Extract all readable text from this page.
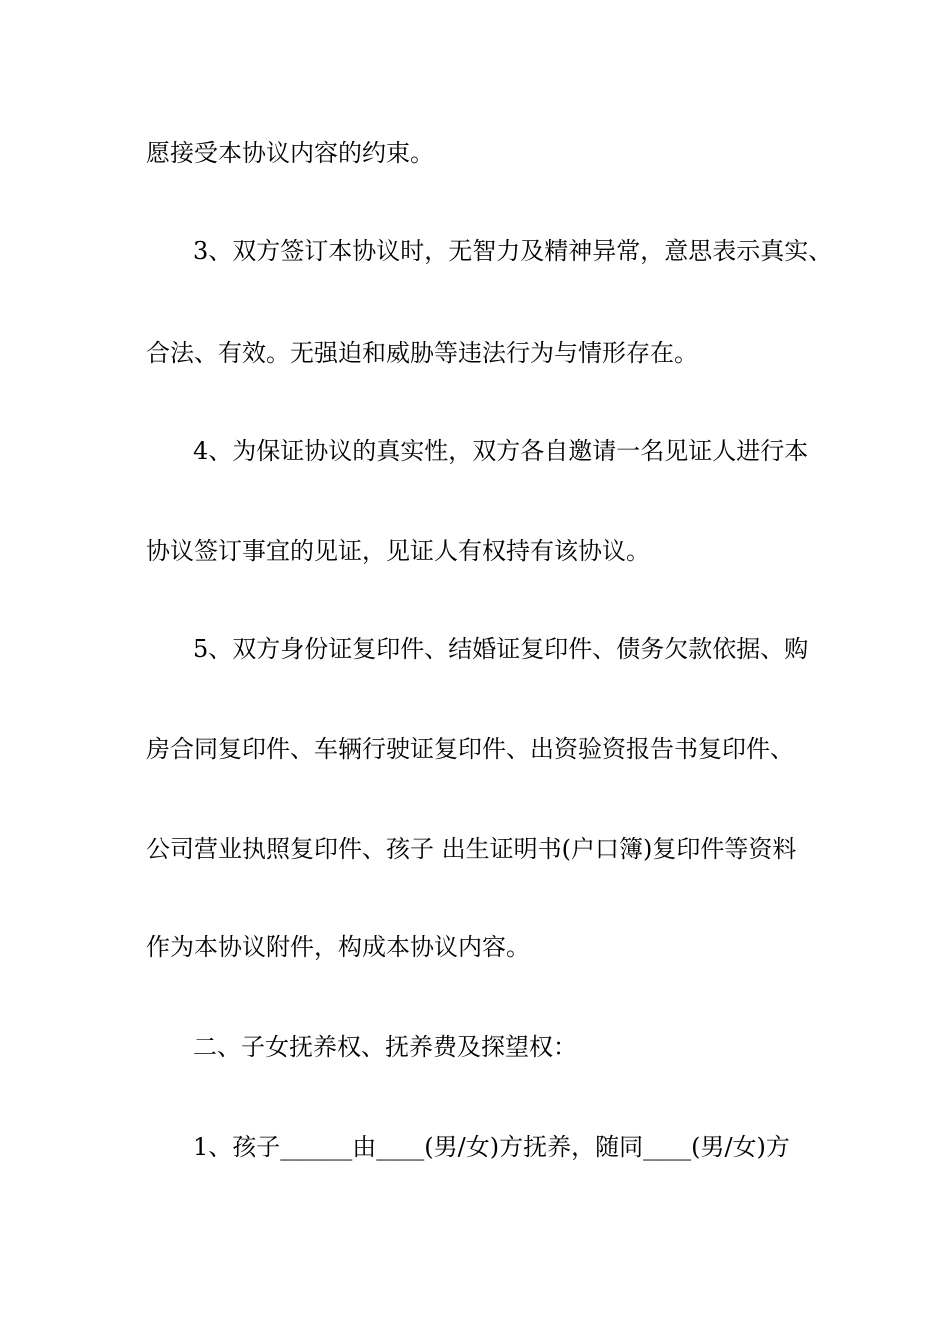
愿接受本协议内容的约束。
3、双方签订本协议时，无智力及精神异常，意思表示真实、
合法、有效。无强迫和威胁等违法行为与情形存在。
4、为保证协议的真实性，双方各自邀请一名见证人进行本
协议签订事宜的见证，见证人有权持有该协议。
5、双方身份证复印件、结婚证复印件、债务欠款依据、购
房合同复印件、车辆行驶证复印件、出资验资报告书复印件、
公司营业执照复印件、孩子 出生证明书(户口簿)复印件等资料
作为本协议附件，构成本协议内容。
二、子女抚养权、抚养费及探望权：
1、孩子______由____(男/女)方抚养，随同____(男/女)方
